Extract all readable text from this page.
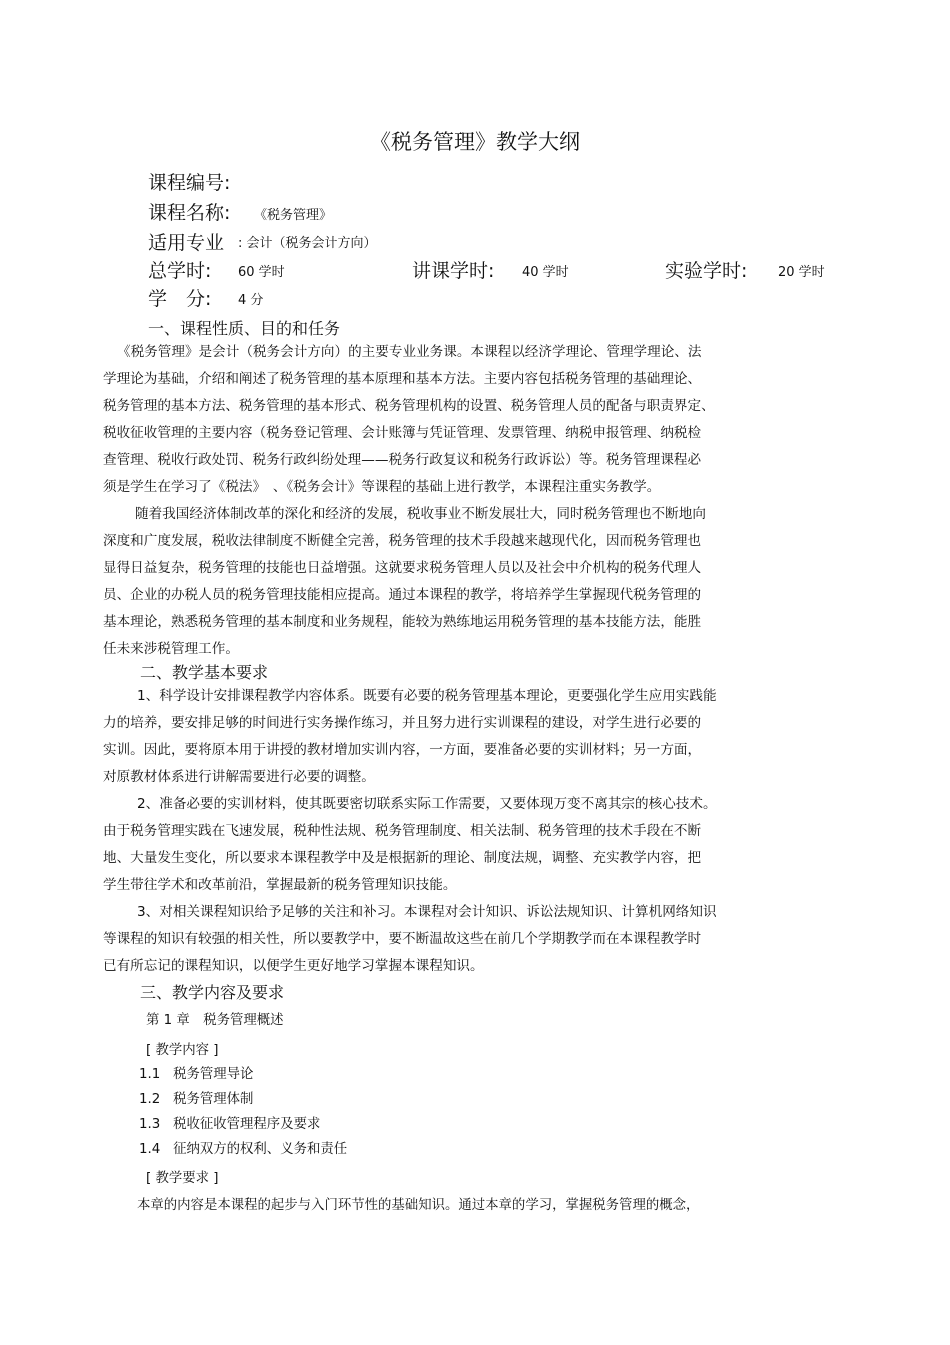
《税务管理》教学大纲
课程编号:
课程名称: 《税务管理》
适用专业 : 会计（税务会计方向）
总学时: 60 学时	讲课学时: 40 学时	实验学时: 20 学时
学　分: 4 分
一、课程性质、目的和任务

《税务管理》是会计（税务会计方向）的主要专业业务课。本课程以经济学理论、管理学理论、法

学理论为基础，介绍和阐述了税务管理的基本原理和基本方法。主要内容包括税务管理的基础理论、

税务管理的基本方法、税务管理的基本形式、税务管理机构的设置、税务管理人员的配备与职责界定、

税收征收管理的主要内容（税务登记管理、会计账簿与凭证管理、发票管理、纳税申报管理、纳税检

查管理、税收行政处罚、税务行政纠纷处理——税务行政复议和税务行政诉讼）等。税务管理课程必

须是学生在学习了《税法》　、《税务会计》等课程的基础上进行教学，本课程注重实务教学。

随着我国经济体制改革的深化和经济的发展，税收事业不断发展壮大，同时税务管理也不断地向

深度和广度发展，税收法律制度不断健全完善，税务管理的技术手段越来越现代化，因而税务管理也

显得日益复杂，税务管理的技能也日益增强。这就要求税务管理人员以及社会中介机构的税务代理人

员、企业的办税人员的税务管理技能相应提高。通过本课程的教学，将培养学生掌握现代税务管理的

基本理论，熟悉税务管理的基本制度和业务规程，能较为熟练地运用税务管理的基本技能方法，能胜

任未来涉税管理工作。

二、教学基本要求

1、科学设计安排课程教学内容体系。既要有必要的税务管理基本理论，更要强化学生应用实践能

力的培养，要安排足够的时间进行实务操作练习，并且努力进行实训课程的建设，对学生进行必要的

实训。因此，要将原本用于讲授的教材增加实训内容，一方面，要准备必要的实训材料；另一方面，

对原教材体系进行讲解需要进行必要的调整。

2、准备必要的实训材料，使其既要密切联系实际工作需要，又要体现万变不离其宗的核心技术。

由于税务管理实践在飞速发展，税种性法规、税务管理制度、相关法制、税务管理的技术手段在不断

地、大量发生变化，所以要求本课程教学中及是根据新的理论、制度法规，调整、充实教学内容，把

学生带往学术和改革前沿，掌握最新的税务管理知识技能。

3、对相关课程知识给予足够的关注和补习。本课程对会计知识、诉讼法规知识、计算机网络知识

等课程的知识有较强的相关性，所以要教学中，要不断温故这些在前几个学期教学而在本课程教学时

已有所忘记的课程知识，以便学生更好地学习掌握本课程知识。

三、教学内容及要求
第 1 章　税务管理概述
[ 教学内容 ]
1.1 税务管理导论
1.2 税务管理体制
1.3 税收征收管理程序及要求
1.4 征纳双方的权利、义务和责任
[ 教学要求 ]
本章的内容是本课程的起步与入门环节性的基础知识。通过本章的学习，掌握税务管理的概念，
